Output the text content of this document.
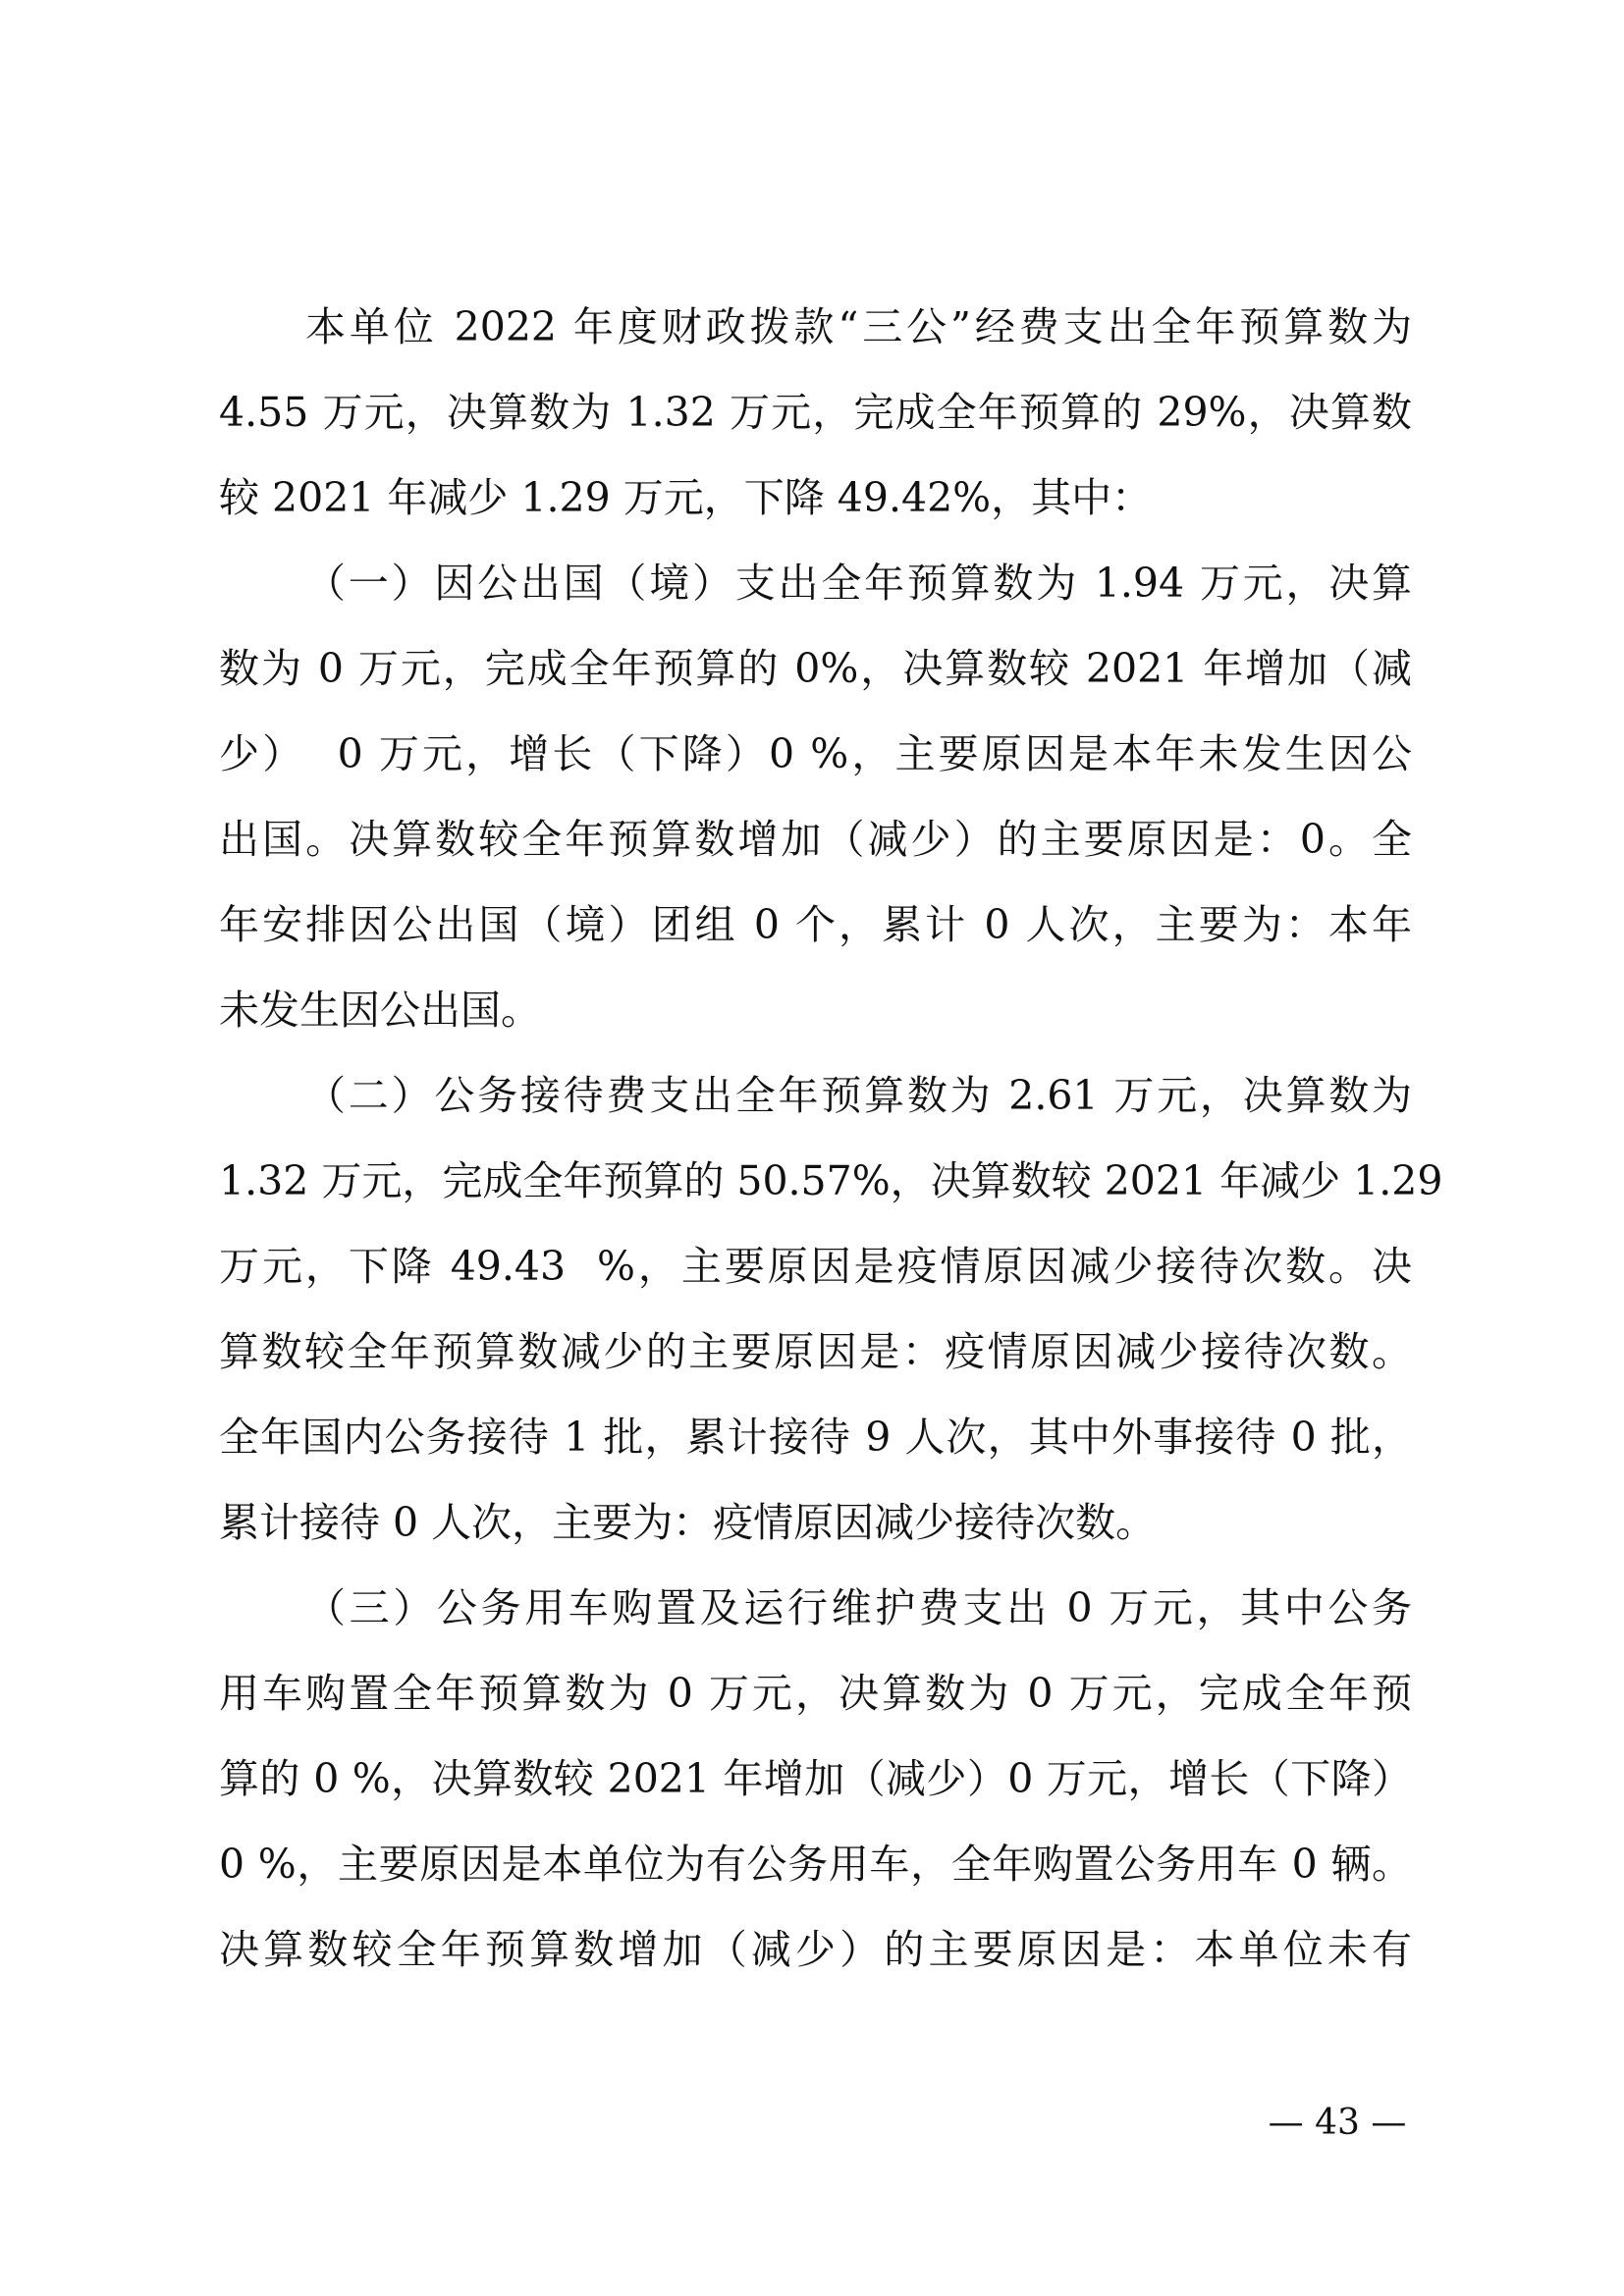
本单位 2022 年度财政拨款“三公”经费支出全年预算数为
4.55 万元，决算数为 1.32 万元，完成全年预算的 29%，决算数
较 2021 年减少 1.29 万元，下降 49.42%，其中：
（一）因公出国（境）支出全年预算数为 1.94 万元，决算
数为 0 万元，完成全年预算的 0%，决算数较 2021 年增加（减
少）  0 万元，增长（下降）0 %，主要原因是本年未发生因公
出国。决算数较全年预算数增加（减少）的主要原因是：0。全
年安排因公出国（境）团组 0 个，累计 0 人次，主要为：本年
未发生因公出国。
（二）公务接待费支出全年预算数为 2.61 万元，决算数为
1.32 万元，完成全年预算的 50.57%，决算数较 2021 年减少 1.29
万元，下降 49.43  %，主要原因是疫情原因减少接待次数。决
算数较全年预算数减少的主要原因是：疫情原因减少接待次数。
全年国内公务接待 1 批，累计接待 9 人次，其中外事接待 0 批，
累计接待 0 人次，主要为：疫情原因减少接待次数。
（三）公务用车购置及运行维护费支出 0 万元，其中公务
用车购置全年预算数为 0 万元，决算数为 0 万元，完成全年预
算的 0 %，决算数较 2021 年增加（减少）0 万元，增长（下降）
0 %，主要原因是本单位为有公务用车，全年购置公务用车 0 辆。
决算数较全年预算数增加（减少）的主要原因是：本单位未有
— 43 —
